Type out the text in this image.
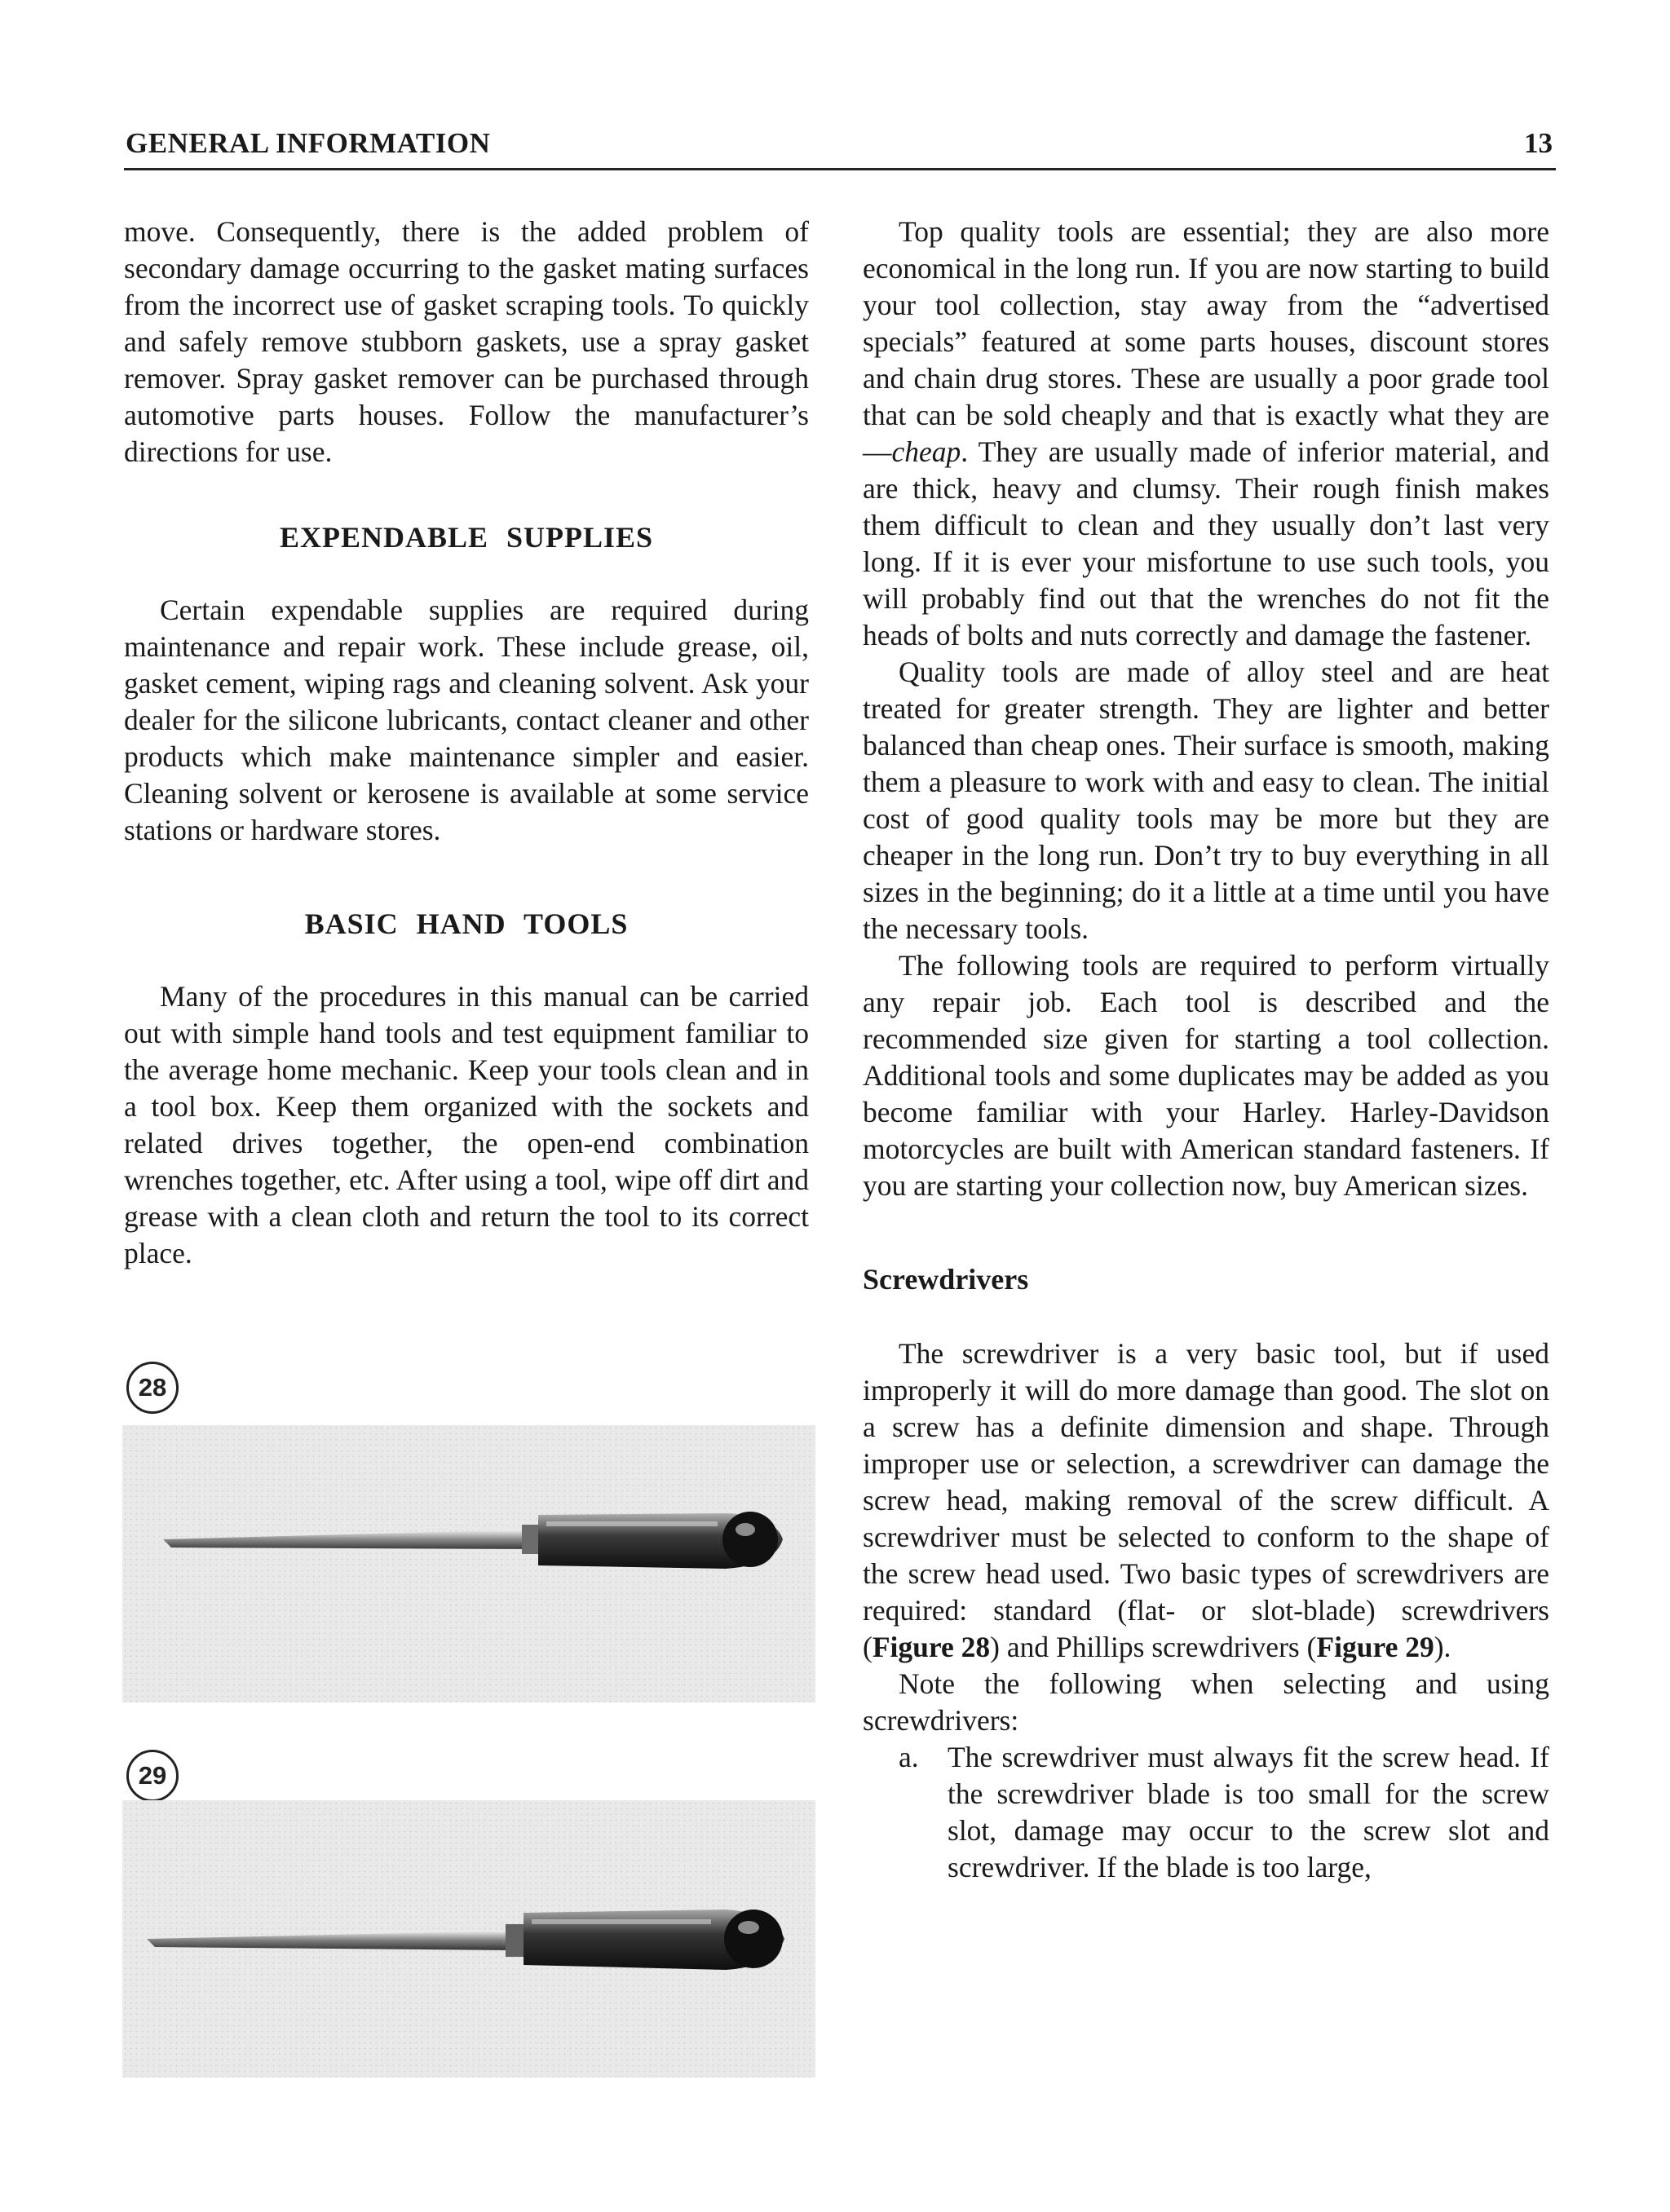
GENERAL INFORMATION	13

move. Consequently, there is the added problem of secondary damage occurring to the gasket mating surfaces from the incorrect use of gasket scraping tools. To quickly and safely remove stubborn gaskets, use a spray gasket remover. Spray gasket remover can be purchased through automotive parts houses. Follow the manufacturer’s directions for use.

EXPENDABLE SUPPLIES

Certain expendable supplies are required during maintenance and repair work. These include grease, oil, gasket cement, wiping rags and cleaning solvent. Ask your dealer for the silicone lubricants, contact cleaner and other products which make maintenance simpler and easier. Cleaning solvent or kerosene is available at some service stations or hardware stores.

BASIC HAND TOOLS

Many of the procedures in this manual can be carried out with simple hand tools and test equipment familiar to the average home mechanic. Keep your tools clean and in a tool box. Keep them organized with the sockets and related drives together, the open-end combination wrenches together, etc. After using a tool, wipe off dirt and grease with a clean cloth and return the tool to its correct place.

28
29

Top quality tools are essential; they are also more economical in the long run. If you are now starting to build your tool collection, stay away from the “advertised specials” featured at some parts houses, discount stores and chain drug stores. These are usually a poor grade tool that can be sold cheaply and that is exactly what they are—cheap. They are usually made of inferior material, and are thick, heavy and clumsy. Their rough finish makes them difficult to clean and they usually don’t last very long. If it is ever your misfortune to use such tools, you will probably find out that the wrenches do not fit the heads of bolts and nuts correctly and damage the fastener.

Quality tools are made of alloy steel and are heat treated for greater strength. They are lighter and better balanced than cheap ones. Their surface is smooth, making them a pleasure to work with and easy to clean. The initial cost of good quality tools may be more but they are cheaper in the long run. Don’t try to buy everything in all sizes in the beginning; do it a little at a time until you have the necessary tools.

The following tools are required to perform virtually any repair job. Each tool is described and the recommended size given for starting a tool collection. Additional tools and some duplicates may be added as you become familiar with your Harley. Harley-Davidson motorcycles are built with American standard fasteners. If you are starting your collection now, buy American sizes.

Screwdrivers

The screwdriver is a very basic tool, but if used improperly it will do more damage than good. The slot on a screw has a definite dimension and shape. Through improper use or selection, a screwdriver can damage the screw head, making removal of the screw difficult. A screwdriver must be selected to conform to the shape of the screw head used. Two basic types of screwdrivers are required: standard (flat- or slot-blade) screwdrivers (Figure 28) and Phillips screwdrivers (Figure 29).

Note the following when selecting and using screwdrivers:

a. The screwdriver must always fit the screw head. If the screwdriver blade is too small for the screw slot, damage may occur to the screw slot and screwdriver. If the blade is too large,
